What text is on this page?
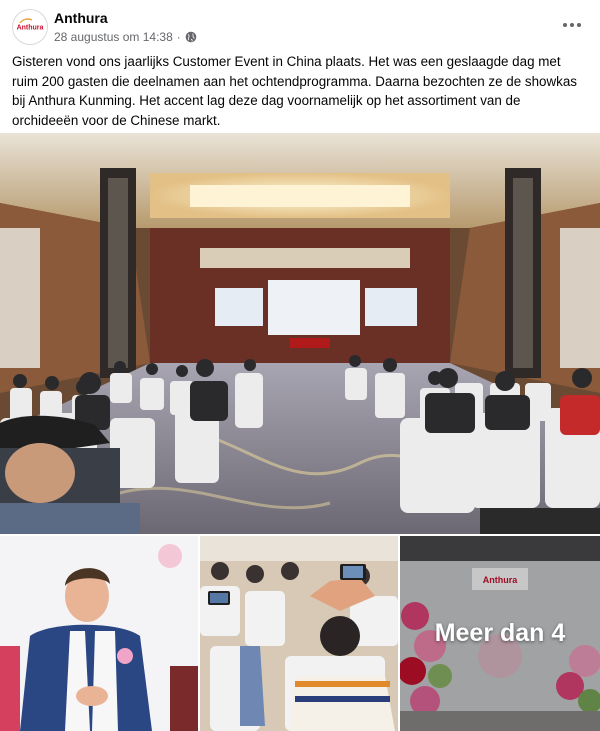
Anthura
Anthura
28 augustus om 14:38 ·
Gisteren vond ons jaarlijks Customer Event in China plaats. Het was een geslaagde dag met ruim 200 gasten die deelnamen aan het ochtendprogramma. Daarna bezochten ze de showkas bij Anthura Kunming. Het accent lag deze dag voornamelijk op het assortiment van de orchideeën voor de Chinese markt.
Anthura
Meer dan 4
